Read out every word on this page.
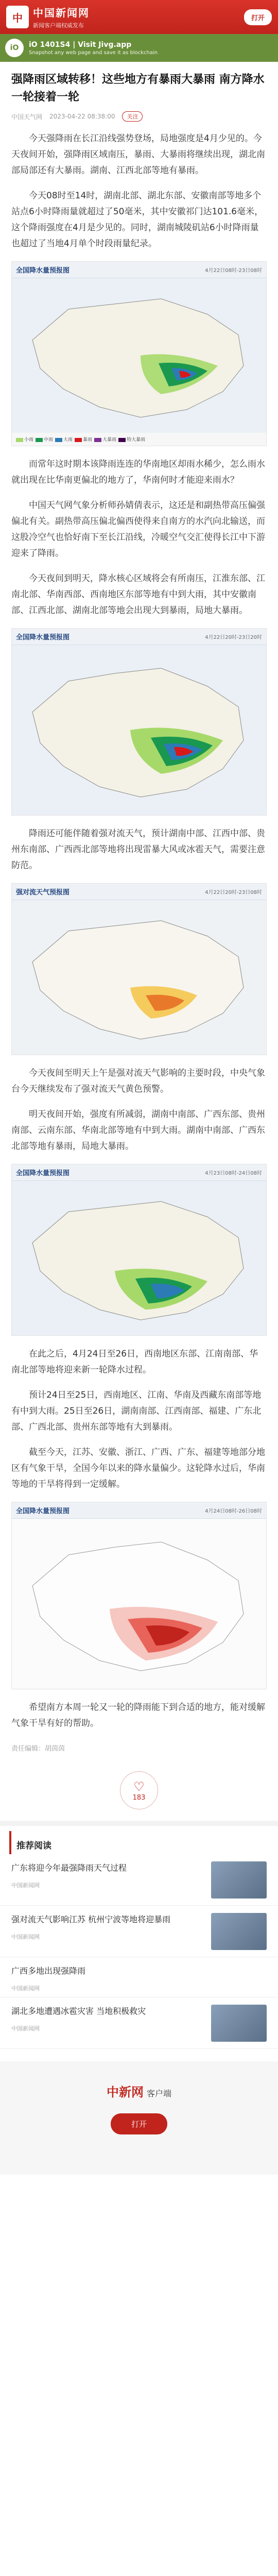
中 中国新闻网
新闻客户端权威发布
打开
iO	iO 1401S4 | Visit Jivg.app
Snapshot any web page and save it as blockchain
强降雨区域转移！这些地方有暴雨大暴雨 南方降水一轮接着一轮
中国天气网 2023-04-22 08:38:00	关注

今天强降雨在长江沿线强势登场，局地强度是4月少见的。今天夜间开始，强降雨区域南压，暴雨、大暴雨将继续出现，湖北南部局部还有大暴雨。湖南、江西北部等地有暴雨。

今天08时至14时，湖南北部、湖北东部、安徽南部等地多个站点6小时降雨量就超过了50毫米，其中安徽祁门达101.6毫米，这个降雨强度在4月是少见的。同时，湖南城陵矶站6小时降雨量也超过了当地4月单个时段雨量纪录。

全国降水量预报图	4月22日08时-23日08时
小雨	中雨	大雨	暴雨	大暴雨	特大暴雨

而常年这时期本该降雨连连的华南地区却雨水稀少，怎么雨水就出现在比华南更偏北的地方了，华南何时才能迎来雨水？

中国天气网气象分析师孙婧倩表示，这还是和副热带高压偏强偏北有关。副热带高压偏北偏西使得来自南方的水汽向北输送，而这股冷空气也恰好南下至长江沿线，冷暖空气交汇使得长江中下游迎来了降雨。

今天夜间到明天，降水核心区域将会有所南压，江淮东部、江南北部、华南西部、西南地区东部等地有中到大雨，其中安徽南部、江西北部、湖南北部等地会出现大到暴雨，局地大暴雨。

全国降水量预报图	4月22日20时-23日20时

降雨还可能伴随着强对流天气，预计湖南中部、江西中部、贵州东南部、广西西北部等地将出现雷暴大风或冰雹天气，需要注意防范。

强对流天气预报图	4月22日20时-23日08时

今天夜间至明天上午是强对流天气影响的主要时段，中央气象台今天继续发布了强对流天气黄色预警。

明天夜间开始，强度有所减弱，湖南中南部、广西东部、贵州南部、云南东部、华南北部等地有中到大雨。湖南中南部、广西东北部等地有暴雨，局地大暴雨。

全国降水量预报图	4月23日08时-24日08时

在此之后，4月24日至26日，西南地区东部、江南南部、华南北部等地将迎来新一轮降水过程。

预计24日至25日，西南地区、江南、华南及西藏东南部等地有中到大雨。25日至26日，湖南南部、江西南部、福建、广东北部、广西北部、贵州东部等地有大到暴雨。

截至今天，江苏、安徽、浙江、广西、广东、福建等地部分地区有气象干旱，全国今年以来的降水量偏少。这轮降水过后，华南等地的干旱将得到一定缓解。

全国降水量预报图	4月24日08时-26日08时

希望南方本周一轮又一轮的降雨能下到合适的地方，能对缓解气象干旱有好的帮助。

责任编辑：胡茵茵

♡
183
推荐阅读
广东将迎今年最强降雨天气过程
中国新闻网
强对流天气影响江苏 杭州宁波等地将迎暴雨
中国新闻网
广西多地出现强降雨
中国新闻网
湖北多地遭遇冰雹灾害 当地积极救灾
中国新闻网
中新网 客户端
打开
